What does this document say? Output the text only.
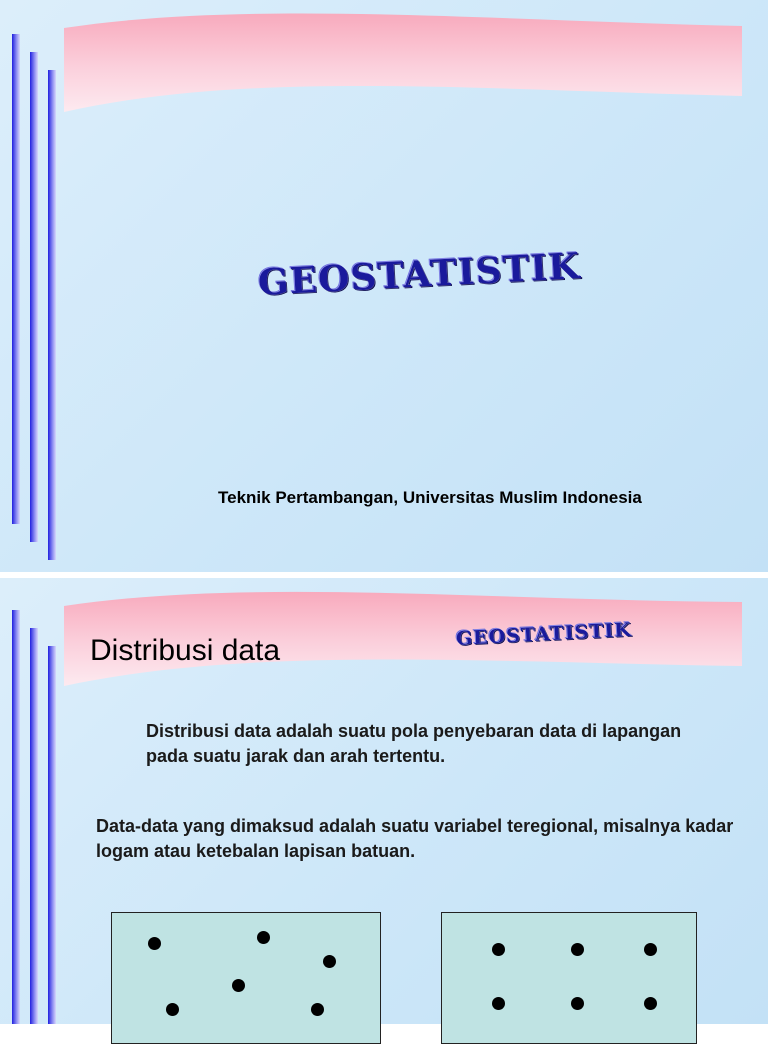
GEOSTATISTIK

Teknik Pertambangan, Universitas Muslim Indonesia

Distribusi data	GEOSTATISTIK

Distribusi data adalah suatu pola penyebaran data di lapangan pada suatu jarak dan arah tertentu.

Data-data yang dimaksud adalah suatu variabel teregional, misalnya kadar logam atau ketebalan lapisan batuan.
